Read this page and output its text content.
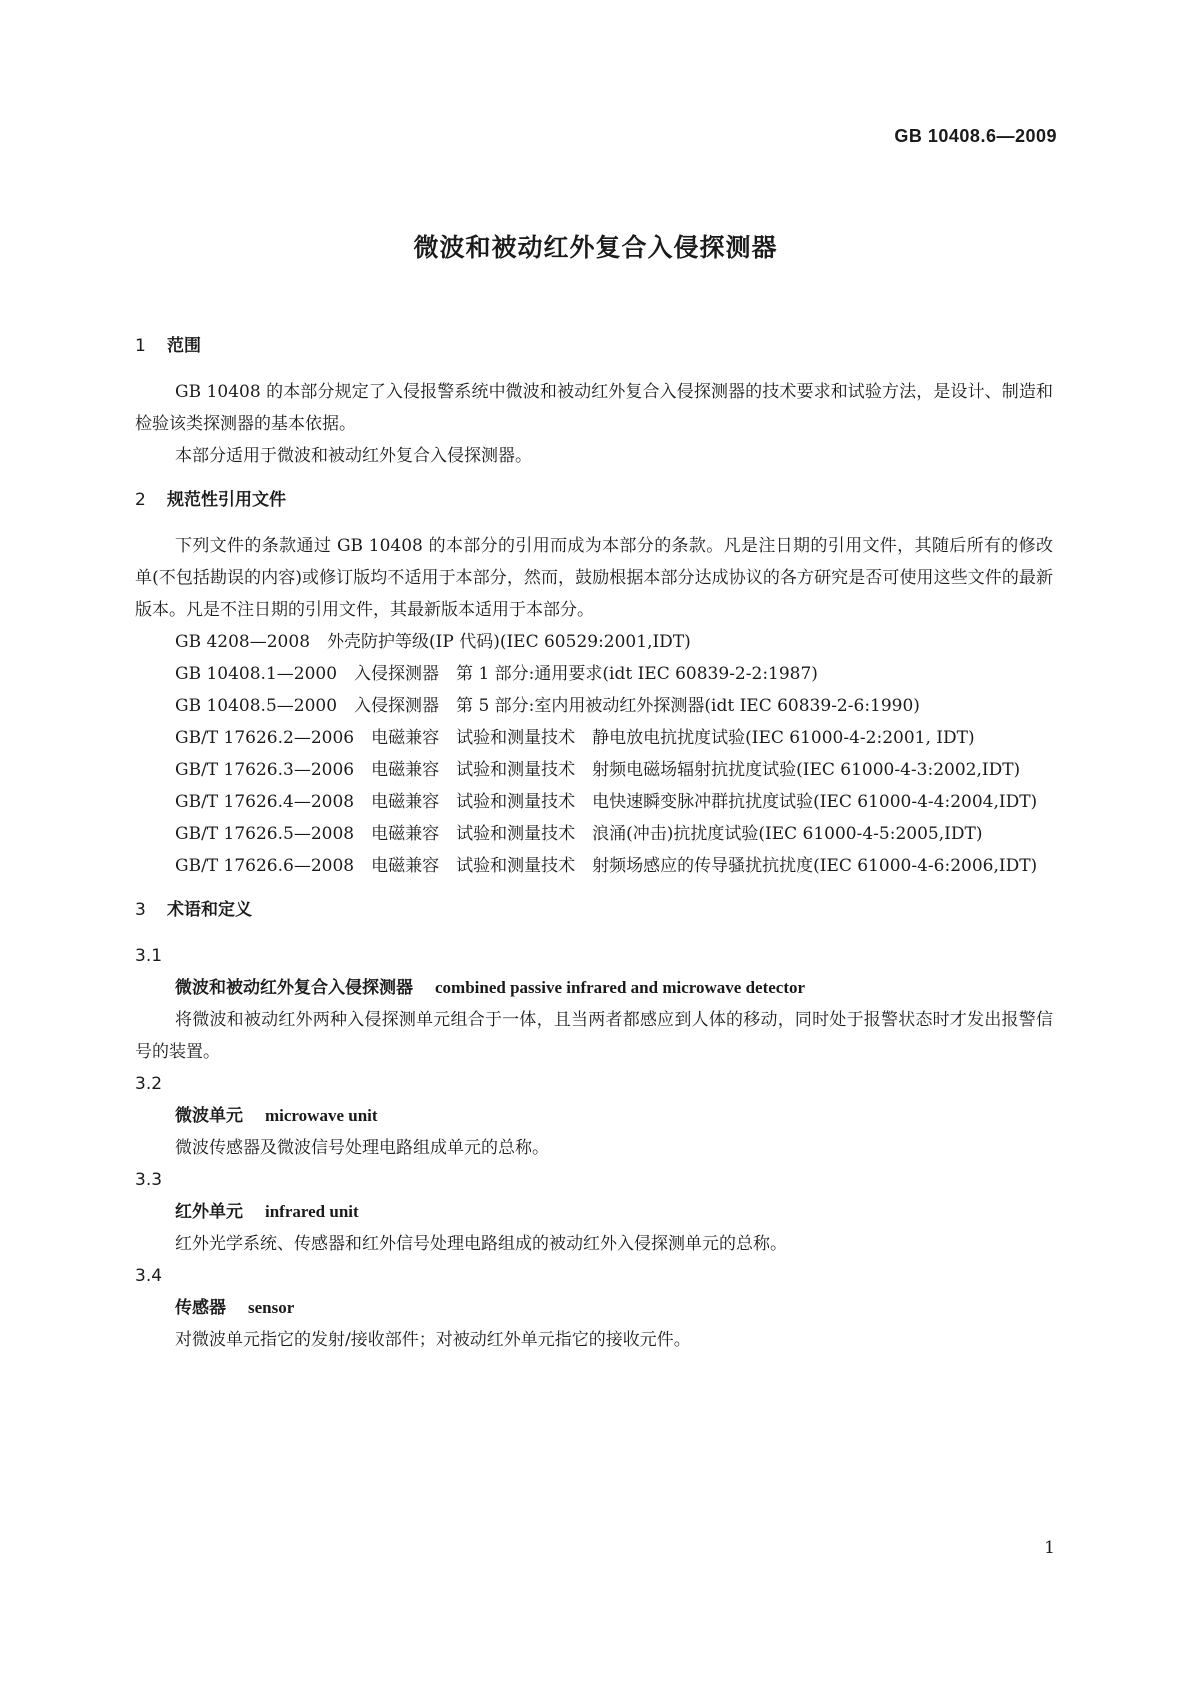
GB 10408.6—2009
微波和被动红外复合入侵探测器
1 范围

GB 10408 的本部分规定了入侵报警系统中微波和被动红外复合入侵探测器的技术要求和试验方法，是设计、制造和检验该类探测器的基本依据。

本部分适用于微波和被动红外复合入侵探测器。

2 规范性引用文件

下列文件的条款通过 GB 10408 的本部分的引用而成为本部分的条款。凡是注日期的引用文件，其随后所有的修改单(不包括勘误的内容)或修订版均不适用于本部分，然而，鼓励根据本部分达成协议的各方研究是否可使用这些文件的最新版本。凡是不注日期的引用文件，其最新版本适用于本部分。

GB 4208—2008　外壳防护等级(IP 代码)(IEC 60529:2001,IDT)

GB 10408.1—2000　入侵探测器　第 1 部分:通用要求(idt IEC 60839-2-2:1987)

GB 10408.5—2000　入侵探测器　第 5 部分:室内用被动红外探测器(idt IEC 60839-2-6:1990)

GB/T 17626.2—2006　电磁兼容　试验和测量技术　静电放电抗扰度试验(IEC 61000-4-2:2001, IDT)

GB/T 17626.3—2006　电磁兼容　试验和测量技术　射频电磁场辐射抗扰度试验(IEC 61000-4-3:2002,IDT)

GB/T 17626.4—2008　电磁兼容　试验和测量技术　电快速瞬变脉冲群抗扰度试验(IEC 61000-4-4:2004,IDT)

GB/T 17626.5—2008　电磁兼容　试验和测量技术　浪涌(冲击)抗扰度试验(IEC 61000-4-5:2005,IDT)

GB/T 17626.6—2008　电磁兼容　试验和测量技术　射频场感应的传导骚扰抗扰度(IEC 61000-4-6:2006,IDT)

3 术语和定义

3.1

微波和被动红外复合入侵探测器 combined passive infrared and microwave detector

将微波和被动红外两种入侵探测单元组合于一体，且当两者都感应到人体的移动，同时处于报警状态时才发出报警信号的装置。

3.2

微波单元 microwave unit

微波传感器及微波信号处理电路组成单元的总称。

3.3

红外单元 infrared unit

红外光学系统、传感器和红外信号处理电路组成的被动红外入侵探测单元的总称。

3.4

传感器 sensor

对微波单元指它的发射/接收部件；对被动红外单元指它的接收元件。

1
